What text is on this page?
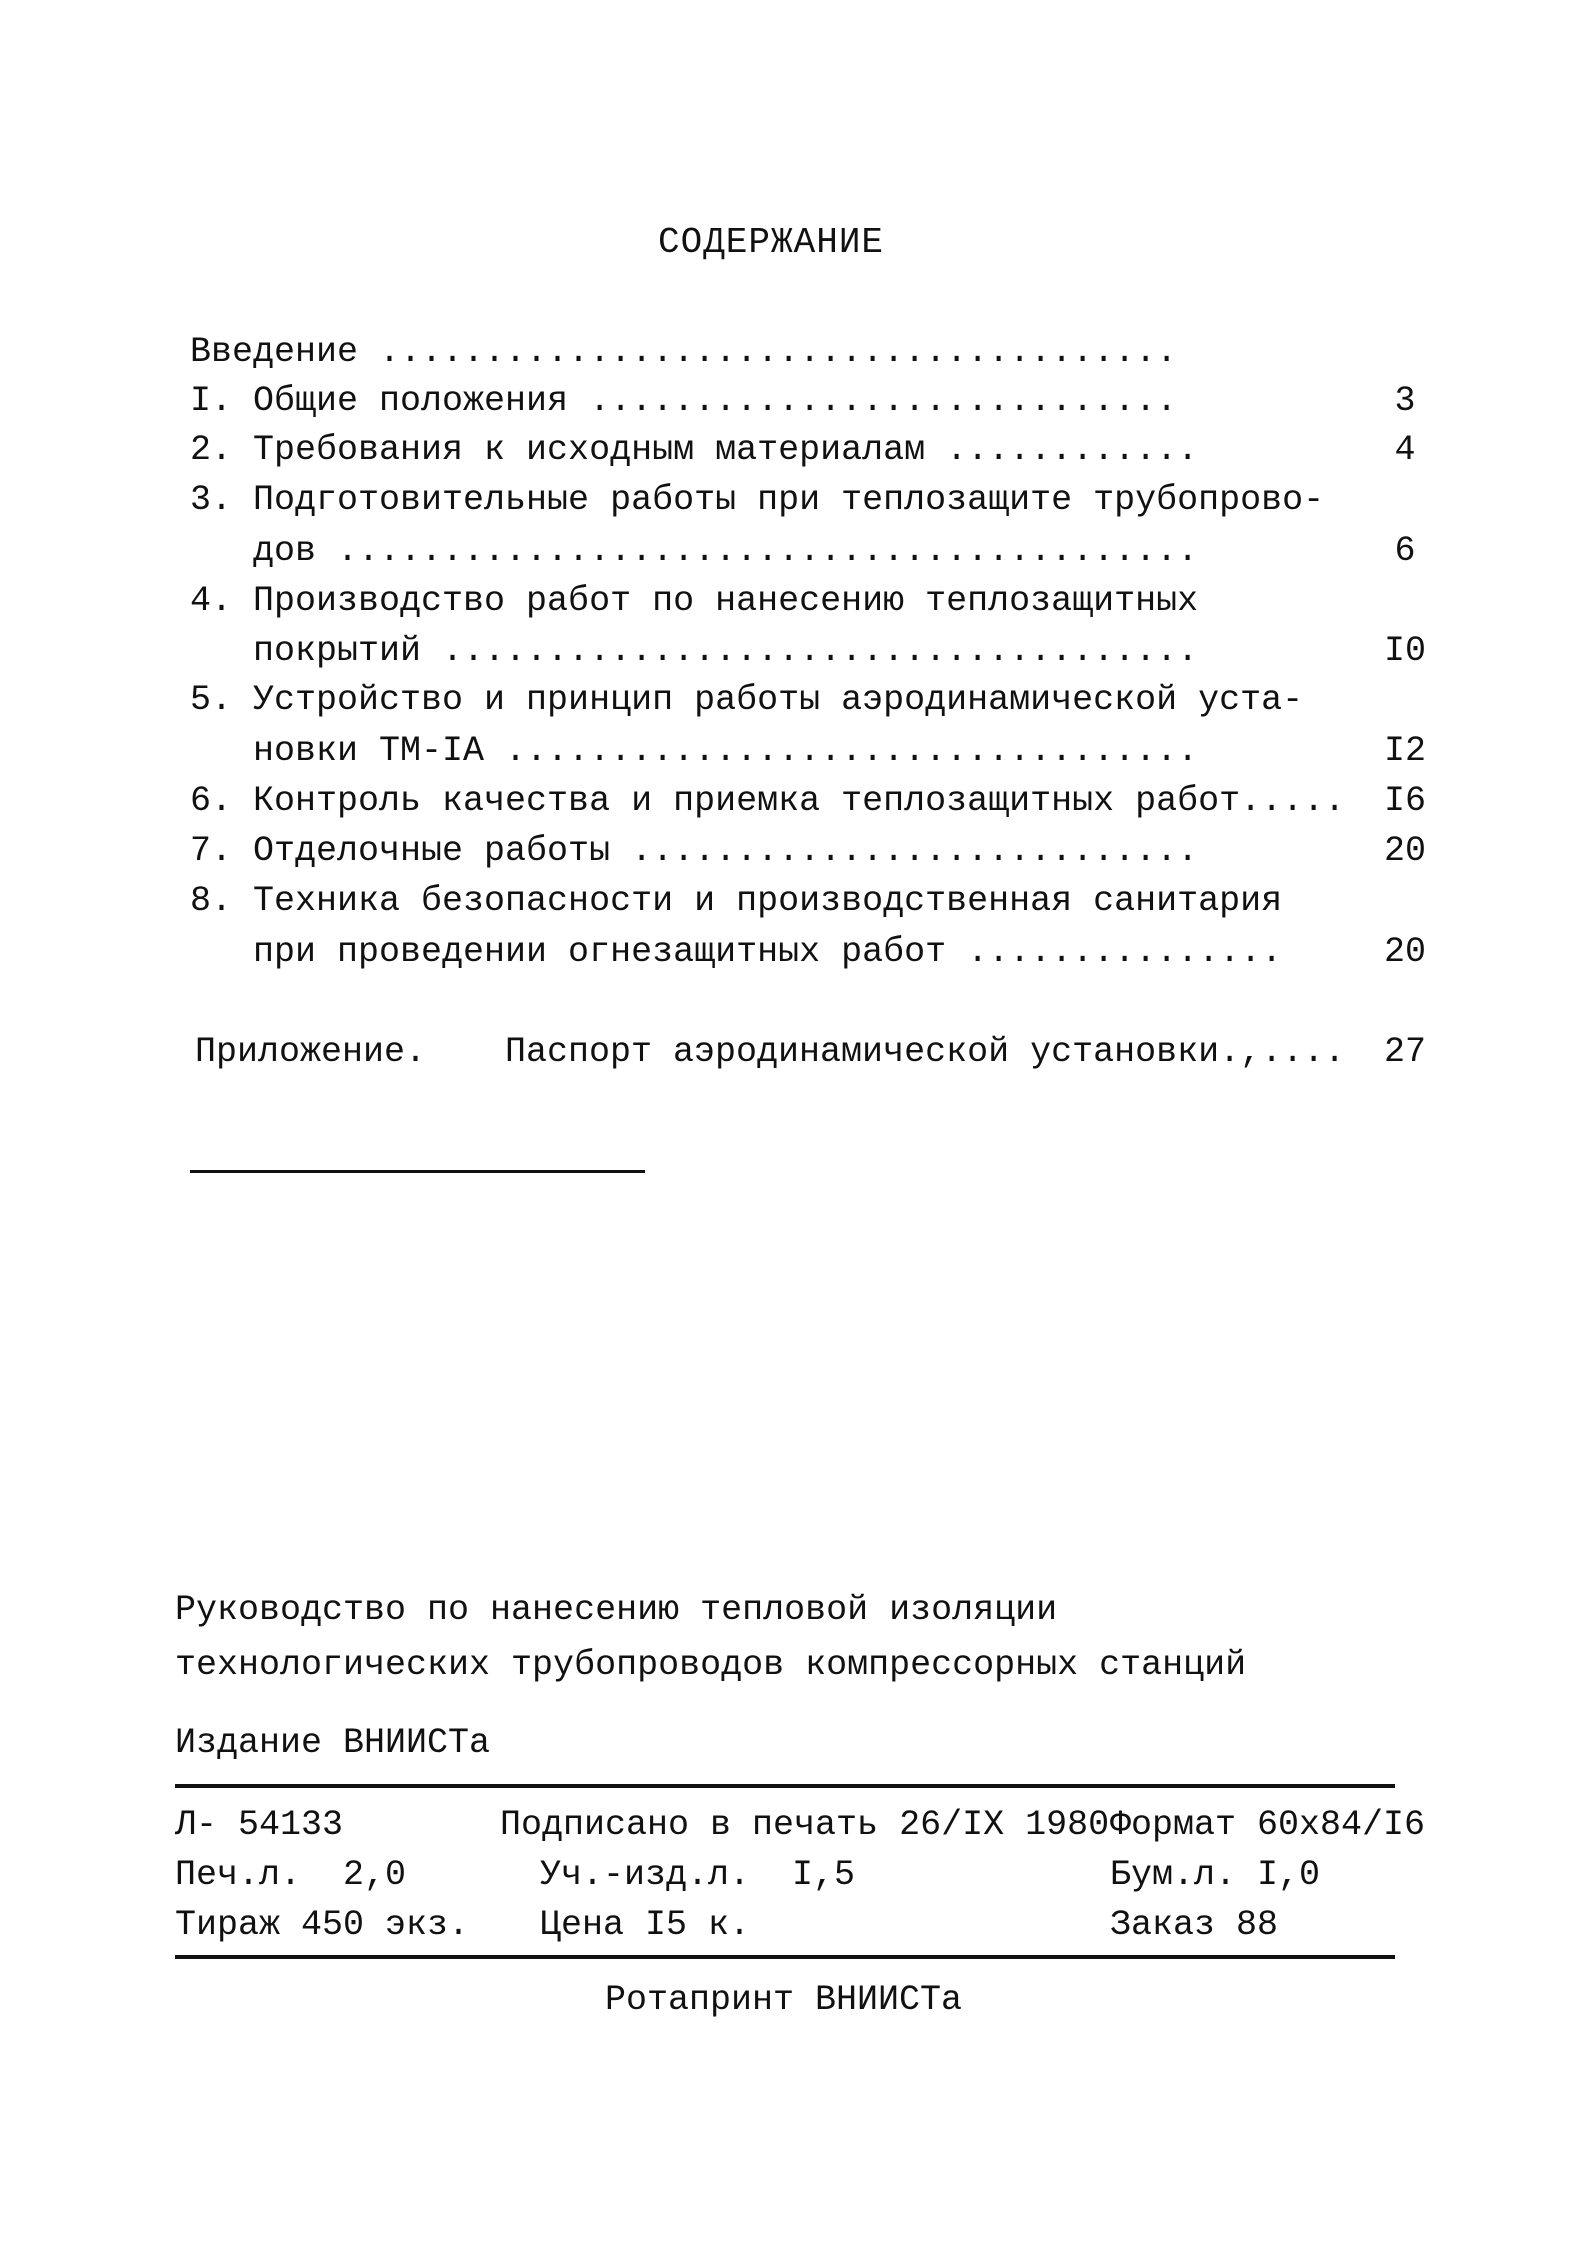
СОДЕРЖАНИЕ
Введение ......................................
I. Общие положения ............................	3
2. Требования к исходным материалам ............	4
3. Подготовительные работы при теплозащите трубопрово-
дов .........................................	6
4. Производство работ по нанесению теплозащитных
покрытий ....................................	I0
5. Устройство и принцип работы аэродинамической уста-
новки ТМ-IA .................................	I2
6. Контроль качества и приемка теплозащитных работ..... I6
7. Отделочные работы ...........................	20
8. Техника безопасности и производственная санитария
при проведении огнезащитных работ ...............	20
Приложение. Паспорт аэродинамической установки.,.... 27
Руководство по нанесению тепловой изоляции
технологических трубопроводов компрессорных станций
Издание ВНИИСТа
Л- 54133	Подписано в печать 26/IX 1980 Формат 60x84/I6
Печ.л.  2,0	Уч.-изд.л.  I,5	Бум.л. I,0
Тираж 450 экз. Цена I5 к.	Заказ 88
Ротапринт ВНИИСТа
